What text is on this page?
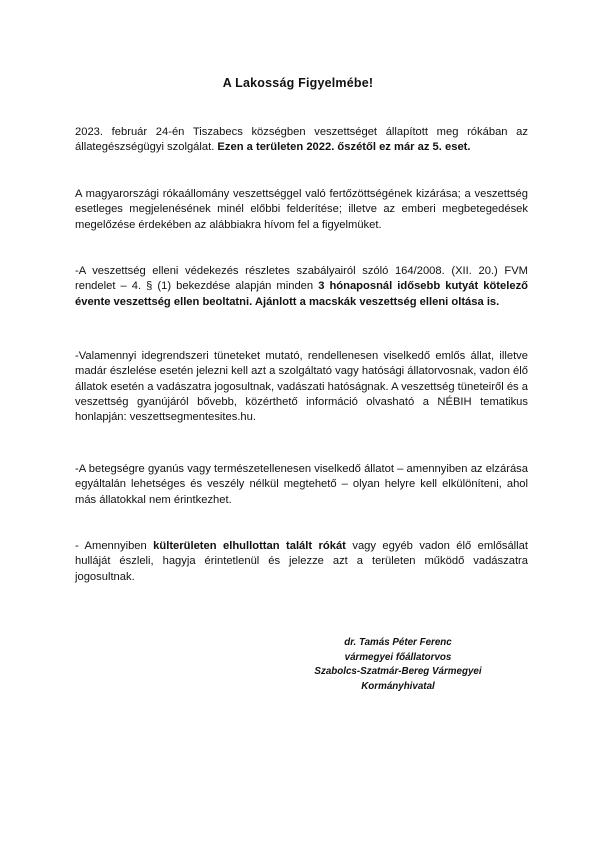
A Lakosság Figyelmébe!

2023. február 24-én Tiszabecs községben veszettséget állapított meg rókában az állategészségügyi szolgálat. Ezen a területen 2022. őszétől ez már az 5. eset.

A magyarországi rókaállomány veszettséggel való fertőzöttségének kizárása; a veszettség esetleges megjelenésének minél előbbi felderítése; illetve az emberi megbetegedések megelőzése érdekében az alábbiakra hívom fel a figyelmüket.

-A veszettség elleni védekezés részletes szabályairól szóló 164/2008. (XII. 20.) FVM rendelet – 4. § (1) bekezdése alapján minden 3 hónaposnál idősebb kutyát kötelező évente veszettség ellen beoltatni. Ajánlott a macskák veszettség elleni oltása is.

-Valamennyi idegrendszeri tüneteket mutató, rendellenesen viselkedő emlős állat, illetve madár észlelése esetén jelezni kell azt a szolgáltató vagy hatósági állatorvosnak, vadon élő állatok esetén a vadászatra jogosultnak, vadászati hatóságnak. A veszettség tüneteiről és a veszettség gyanújáról bővebb, közérthető információ olvasható a NÉBIH tematikus honlapján: veszettsegmentesites.hu.

-A betegségre gyanús vagy természetellenesen viselkedő állatot – amennyiben az elzárása egyáltalán lehetséges és veszély nélkül megtehető – olyan helyre kell elkülöníteni, ahol más állatokkal nem érintkezhet.

- Amennyiben külterületen elhullottan talált rókát vagy egyéb vadon élő emlősállat hulláját észleli, hagyja érintetlenül és jelezze azt a területen működő vadászatra jogosultnak.

dr. Tamás Péter Ferenc
vármegyei főállatorvos
Szabolcs-Szatmár-Bereg Vármegyei
Kormányhivatal
